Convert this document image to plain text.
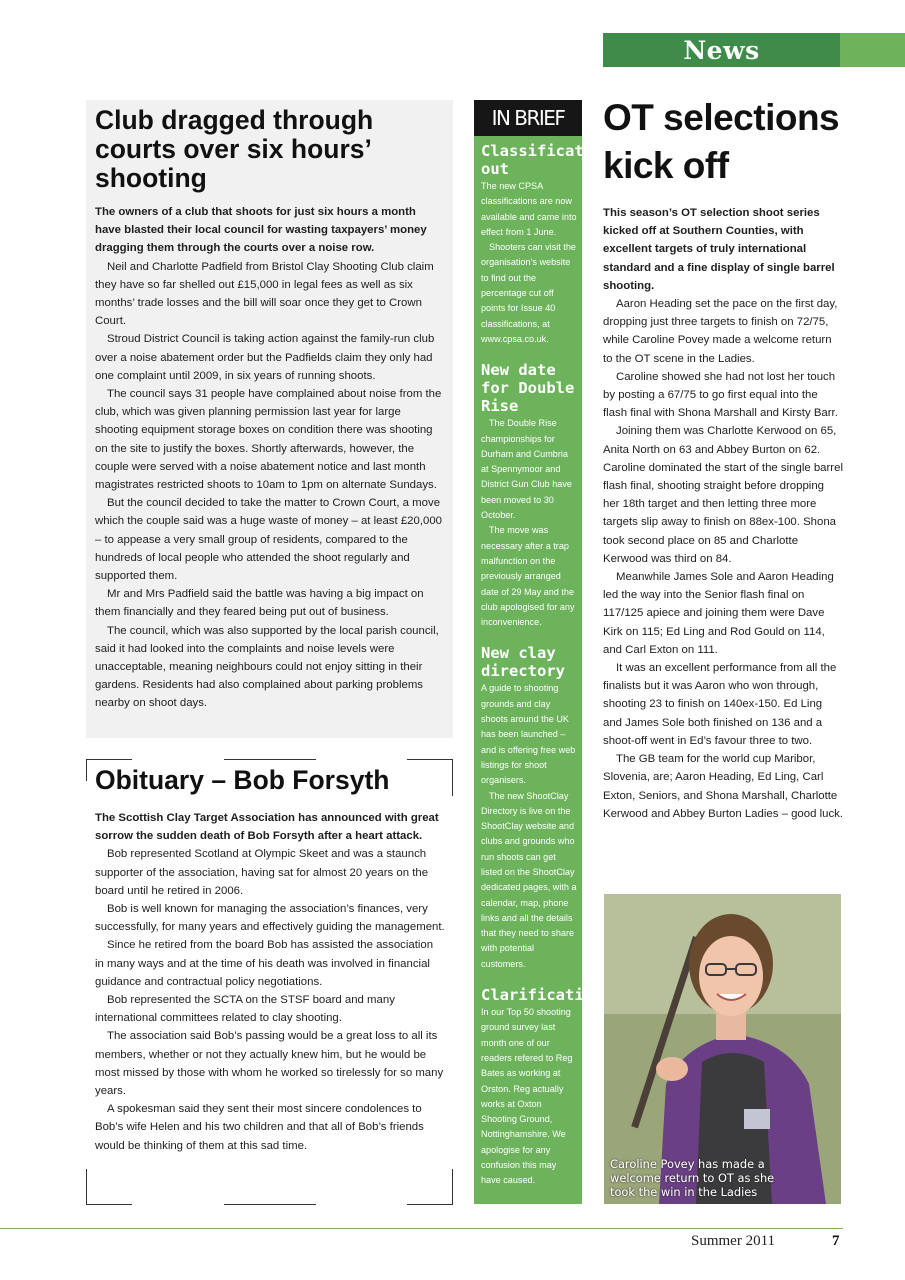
News
Club dragged through courts over six hours’ shooting

The owners of a club that shoots for just six hours a month have blasted their local council for wasting taxpayers’ money dragging them through the courts over a noise row.

Neil and Charlotte Padfield from Bristol Clay Shooting Club claim they have so far shelled out £15,000 in legal fees as well as six months’ trade losses and the bill will soar once they get to Crown Court.

Stroud District Council is taking action against the family-run club over a noise abatement order but the Padfields claim they only had one complaint until 2009, in six years of running shoots.

The council says 31 people have complained about noise from the club, which was given planning permission last year for large shooting equipment storage boxes on condition there was shooting on the site to justify the boxes. Shortly afterwards, however, the couple were served with a noise abatement notice and last month magistrates restricted shoots to 10am to 1pm on alternate Sundays.

But the council decided to take the matter to Crown Court, a move which the couple said was a huge waste of money – at least £20,000 – to appease a very small group of residents, compared to the hundreds of local people who attended the shoot regularly and supported them.

Mr and Mrs Padfield said the battle was having a big impact on them financially and they feared being put out of business.

The council, which was also supported by the local parish council, said it had looked into the complaints and noise levels were unacceptable, meaning neighbours could not enjoy sitting in their gardens. Residents had also complained about parking problems nearby on shoot days.

Obituary – Bob Forsyth

The Scottish Clay Target Association has announced with great sorrow the sudden death of Bob Forsyth after a heart attack.

Bob represented Scotland at Olympic Skeet and was a staunch supporter of the association, having sat for almost 20 years on the board until he retired in 2006.

Bob is well known for managing the association’s finances, very successfully, for many years and effectively guiding the management.

Since he retired from the board Bob has assisted the association in many ways and at the time of his death was involved in financial guidance and contractual policy negotiations.

Bob represented the SCTA on the STSF board and many international committees related to clay shooting.

The association said Bob’s passing would be a great loss to all its members, whether or not they actually knew him, but he would be most missed by those with whom he worked so tirelessly for so many years.

A spokesman said they sent their most sincere condolences to Bob’s wife Helen and his two children and that all of Bob’s friends would be thinking of them at this sad time.

IN BRIEF
Classifications out

The new CPSA classifications are now available and came into effect from 1 June.

Shooters can visit the organisation’s website to find out the percentage cut off points for Issue 40 classifications, at www.cpsa.co.uk.

New date for Double Rise

The Double Rise championships for Durham and Cumbria at Spennymoor and District Gun Club have been moved to 30 October.

The move was necessary after a trap malfunction on the previously arranged date of 29 May and the club apologised for any inconvenience.

New clay directory

A guide to shooting grounds and clay shoots around the UK has been launched – and is offering free web listings for shoot organisers.

The new ShootClay Directory is live on the ShootClay website and clubs and grounds who run shoots can get listed on the ShootClay dedicated pages, with a calendar, map, phone links and all the details that they need to share with potential customers.

Clarification

In our Top 50 shooting ground survey last month one of our readers refered to Reg Bates as working at Orston. Reg actually works at Oxton Shooting Ground, Nottinghamshire. We apologise for any confusion this may have caused.

OT selections kick off

This season’s OT selection shoot series kicked off at Southern Counties, with excellent targets of truly international standard and a fine display of single barrel shooting.

Aaron Heading set the pace on the first day, dropping just three targets to finish on 72/75, while Caroline Povey made a welcome return to the OT scene in the Ladies.

Caroline showed she had not lost her touch by posting a 67/75 to go first equal into the flash final with Shona Marshall and Kirsty Barr.

Joining them was Charlotte Kerwood on 65, Anita North on 63 and Abbey Burton on 62. Caroline dominated the start of the single barrel flash final, shooting straight before dropping her 18th target and then letting three more targets slip away to finish on 88ex-100. Shona took second place on 85 and Charlotte Kerwood was third on 84.

Meanwhile James Sole and Aaron Heading led the way into the Senior flash final on 117/125 apiece and joining them were Dave Kirk on 115; Ed Ling and Rod Gould on 114, and Carl Exton on 111.

It was an excellent performance from all the finalists but it was Aaron who won through, shooting 23 to finish on 140ex-150. Ed Ling and James Sole both finished on 136 and a shoot-off went in Ed’s favour three to two.

The GB team for the world cup Maribor, Slovenia, are; Aaron Heading, Ed Ling, Carl Exton, Seniors, and Shona Marshall, Charlotte Kerwood and Abbey Burton Ladies – good luck.

Caroline Povey has made a welcome return to OT as she took the win in the Ladies
Summer 2011	7
